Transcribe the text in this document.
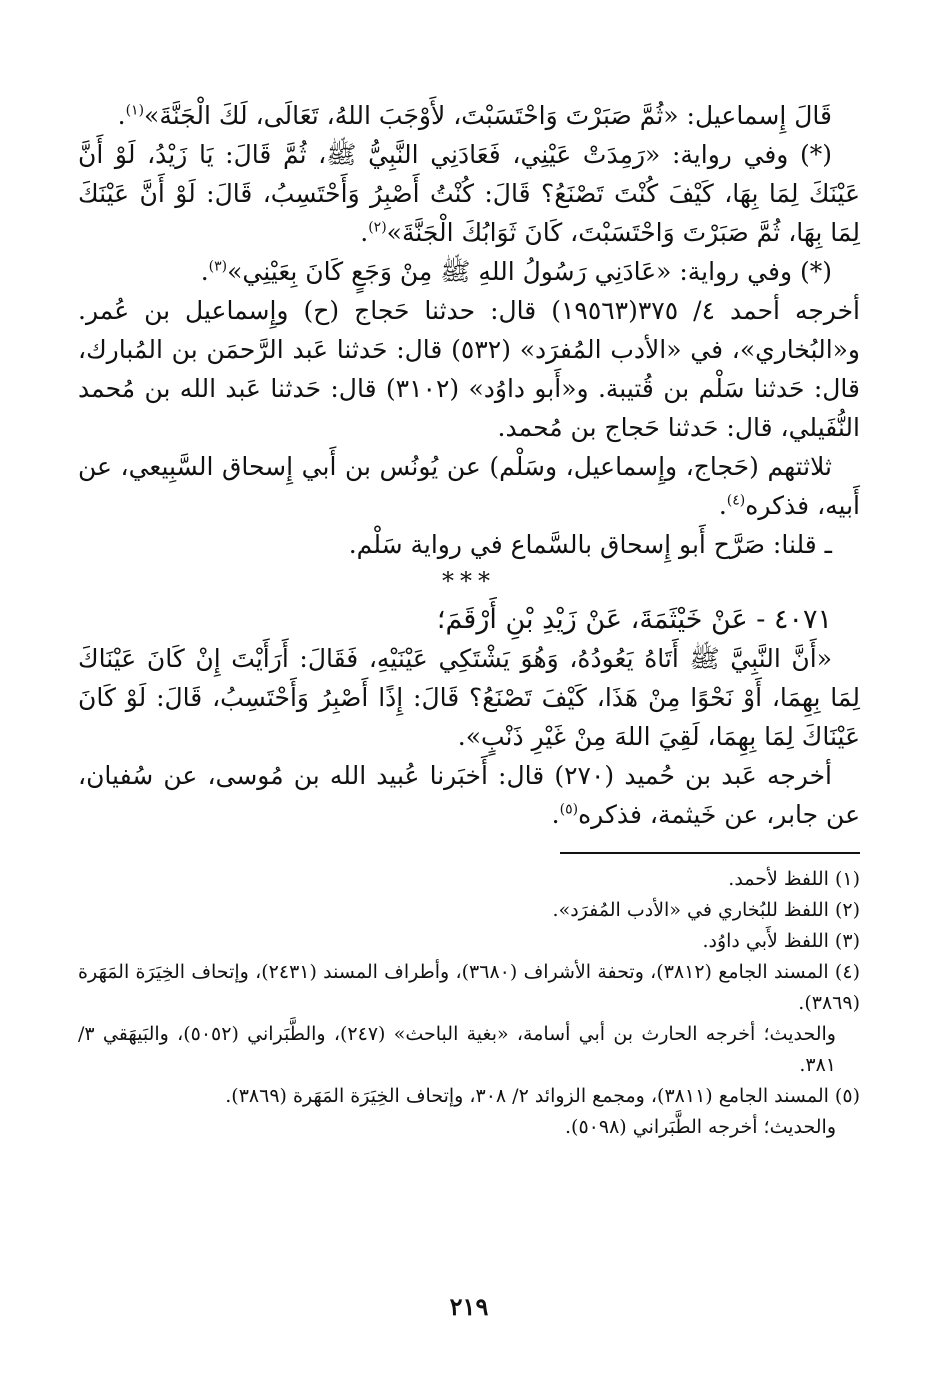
قَالَ إِسماعيل: «ثُمَّ صَبَرْتَ وَاحْتَسَبْتَ، لأَوْجَبَ اللهُ، تَعَالَى، لَكَ الْجَنَّةَ»$^{(١)}$.

(*) وفي رواية: «رَمِدَتْ عَيْنِي، فَعَادَنِي النَّبِيُّ ﷺ، ثُمَّ قَالَ: يَا زَيْدُ، لَوْ أَنَّ عَيْنَكَ لِمَا بِهَا، كَيْفَ كُنْتَ تَصْنَعُ؟ قَالَ: كُنْتُ أَصْبِرُ وَأَحْتَسِبُ، قَالَ: لَوْ أَنَّ عَيْنَكَ لِمَا بِهَا، ثُمَّ صَبَرْتَ وَاحْتَسَبْتَ، كَانَ ثَوَابُكَ الْجَنَّةَ»$^{(٢)}$.

(*) وفي رواية: «عَادَنِي رَسُولُ اللهِ ﷺ مِنْ وَجَعٍ كَانَ بِعَيْنِي»$^{(٣)}$.

أخرجه أحمد ٤/ ٣٧٥(١٩٥٦٣) قال: حدثنا حَجاج (ح) وإِسماعيل بن عُمر. و«البُخاري»، في «الأدب المُفرَد» (٥٣٢) قال: حَدثنا عَبد الرَّحمَن بن المُبارك، قال: حَدثنا سَلْم بن قُتيبة. و«أَبو داوُد» (٣١٠٢) قال: حَدثنا عَبد الله بن مُحمد النُّفَيلي، قال: حَدثنا حَجاج بن مُحمد.

ثلاثتهم (حَجاج، وإِسماعيل، وسَلْم) عن يُونُس بن أَبي إِسحاق السَّبِيعي، عن أَبيه، فذكره$^{(٤)}$.

ـ قلنا: صَرَّح أَبو إِسحاق بالسَّماع في رواية سَلْم.

***

٤٠٧١ - عَنْ خَيْثَمَةَ، عَنْ زَيْدِ بْنِ أَرْقَمَ؛

«أَنَّ النَّبِيَّ ﷺ أَتَاهُ يَعُودُهُ، وَهُوَ يَشْتَكِي عَيْنَيْهِ، فَقَالَ: أَرَأَيْتَ إِنْ كَانَ عَيْنَاكَ لِمَا بِهِمَا، أَوْ نَحْوًا مِنْ هَذَا، كَيْفَ تَصْنَعُ؟ قَالَ: إِذًا أَصْبِرُ وَأَحْتَسِبُ، قَالَ: لَوْ كَانَ عَيْنَاكَ لِمَا بِهِمَا، لَقِيَ اللهَ مِنْ غَيْرِ ذَنْبٍ».

أخرجه عَبد بن حُميد (٢٧٠) قال: أَخبَرنا عُبيد الله بن مُوسى، عن سُفيان، عن جابر، عن خَيثمة، فذكره$^{(٥)}$.

(١) اللفظ لأحمد.

(٢) اللفظ للبُخاري في «الأدب المُفرَد».

(٣) اللفظ لأَبي داوُد.

(٤) المسند الجامع (٣٨١٢)، وتحفة الأشراف (٣٦٨٠)، وأطراف المسند (٢٤٣١)، وإتحاف الخِيَرَة المَهَرة (٣٨٦٩).

والحديث؛ أخرجه الحارث بن أبي أسامة، «بغية الباحث» (٢٤٧)، والطَّبَراني (٥٠٥٢)، والبَيهَقي ٣/ ٣٨١.

(٥) المسند الجامع (٣٨١١)، ومجمع الزوائد ٢/ ٣٠٨، وإتحاف الخِيَرَة المَهَرة (٣٨٦٩).

والحديث؛ أخرجه الطَّبَراني (٥٠٩٨).

٢١٩
